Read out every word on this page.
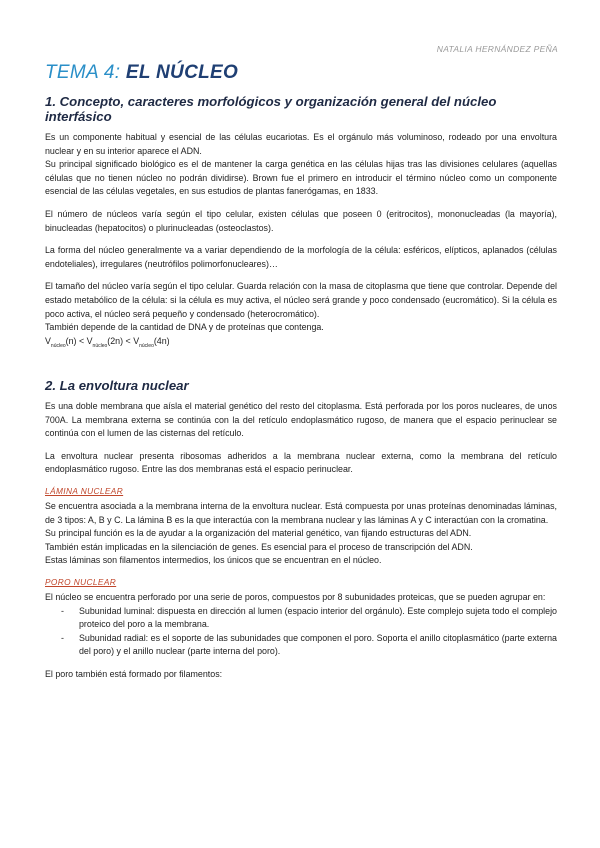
NATALIA HERNÁNDEZ PEÑA
TEMA 4: EL NÚCLEO
1. Concepto, caracteres morfológicos y organización general del núcleo interfásico

Es un componente habitual y esencial de las células eucariotas. Es el orgánulo más voluminoso, rodeado por una envoltura nuclear y en su interior aparece el ADN.

Su principal significado biológico es el de mantener la carga genética en las células hijas tras las divisiones celulares (aquellas células que no tienen núcleo no podrán dividirse). Brown fue el primero en introducir el término núcleo como un componente esencial de las células vegetales, en sus estudios de plantas fanerógamas, en 1833.

El número de núcleos varía según el tipo celular, existen células que poseen 0 (eritrocitos), mononucleadas (la mayoría), binucleadas (hepatocitos) o plurinucleadas (osteoclastos).

La forma del núcleo generalmente va a variar dependiendo de la morfología de la célula: esféricos, elípticos, aplanados (células endoteliales), irregulares (neutrófilos polimorfonucleares)…

El tamaño del núcleo varía según el tipo celular. Guarda relación con la masa de citoplasma que tiene que controlar. Depende del estado metabólico de la célula: si la célula es muy activa, el núcleo será grande y poco condensado (eucromático). Si la célula es poco activa, el núcleo será pequeño y condensado (heterocromático).

También depende de la cantidad de DNA y de proteínas que contenga.

$V_{núcleo}(n) < V_{núcleo}(2n) < V_{núcleo}(4n)$
2. La envoltura nuclear

Es una doble membrana que aísla el material genético del resto del citoplasma. Está perforada por los poros nucleares, de unos 700A. La membrana externa se continúa con la del retículo endoplasmático rugoso, de manera que el espacio perinuclear se continúa con el lumen de las cisternas del retículo.

La envoltura nuclear presenta ribosomas adheridos a la membrana nuclear externa, como la membrana del retículo endoplasmático rugoso. Entre las dos membranas está el espacio perinuclear.

LÁMINA NUCLEAR

Se encuentra asociada a la membrana interna de la envoltura nuclear. Está compuesta por unas proteínas denominadas láminas, de 3 tipos: A, B y C. La lámina B es la que interactúa con la membrana nuclear y las láminas A y C interactúan con la cromatina.

Su principal función es la de ayudar a la organización del material genético, van fijando estructuras del ADN.

También están implicadas en la silenciación de genes. Es esencial para el proceso de transcripción del ADN.

Estas láminas son filamentos intermedios, los únicos que se encuentran en el núcleo.

PORO NUCLEAR

El núcleo se encuentra perforado por una serie de poros, compuestos por 8 subunidades proteicas, que se pueden agrupar en:

- Subunidad luminal: dispuesta en dirección al lumen (espacio interior del orgánulo). Este complejo sujeta todo el complejo proteico del poro a la membrana.
- Subunidad radial: es el soporte de las subunidades que componen el poro. Soporta el anillo citoplasmático (parte externa del poro) y el anillo nuclear (parte interna del poro).

El poro también está formado por filamentos:
